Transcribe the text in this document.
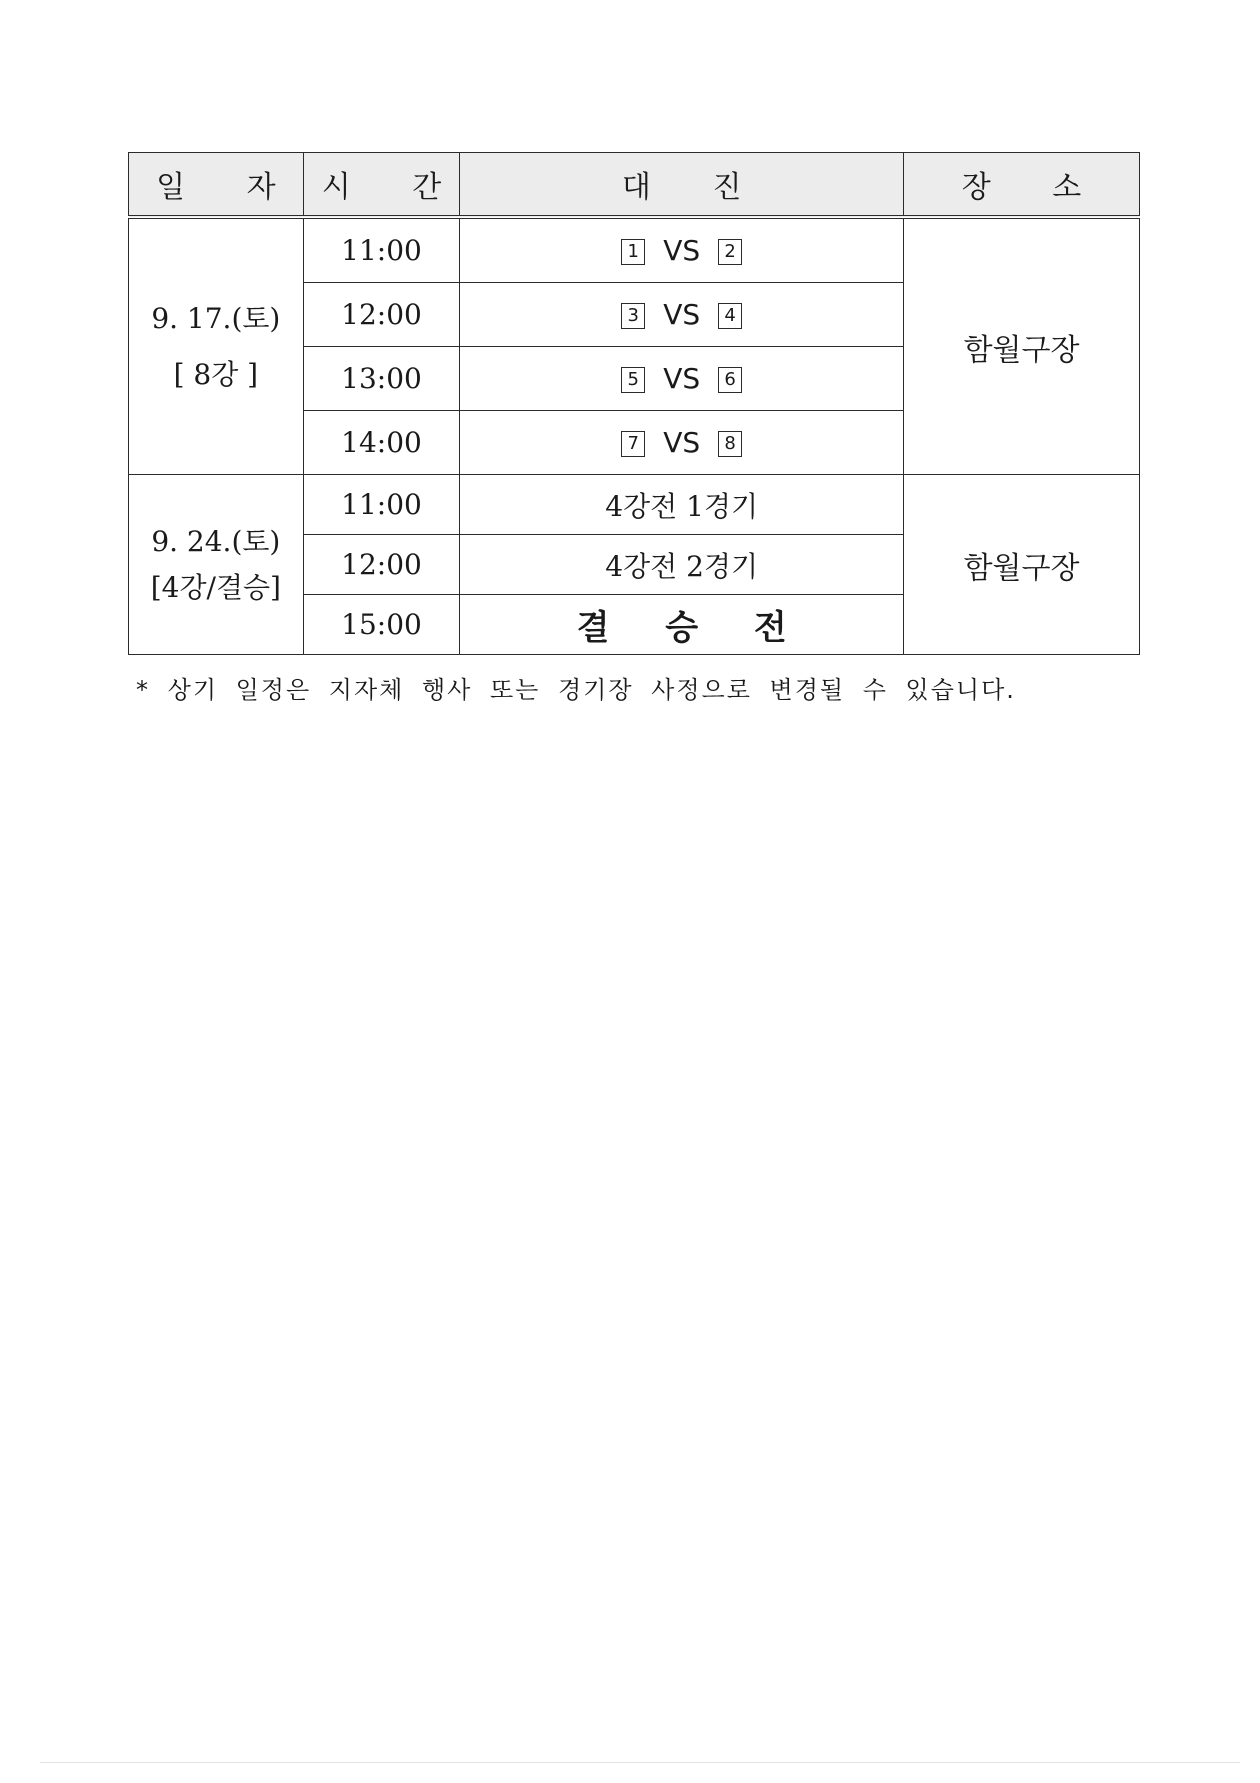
일 자	시 간	대 진	장 소

9. 17.(토)
[ 8강 ]	11:00	1 VS 2	함월구장
	12:00	3 VS 4	
	13:00	5 VS 6	
	14:00	7 VS 8	

9. 24.(토)
[4강/결승]	11:00	4강전 1경기	함월구장
	12:00	4강전 2경기	
	15:00	결 승 전	
* 상기 일정은 지자체 행사 또는 경기장 사정으로 변경될 수 있습니다.
